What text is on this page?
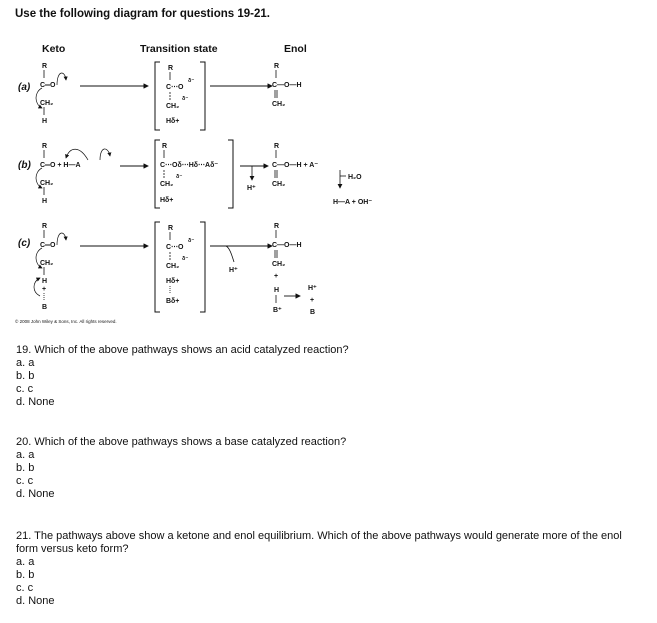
Use the following diagram for questions 19-21.
Keto	Transition state	Enol
(a)
(b)
(c)
R
C═O
CH₂
H
R
C⋯O
δ⁻
CH₂
δ⁻
Hδ+
R
C—O—H
CH₂
R
C═O + H—A
CH₂
H
R
C⋯Oδ⋯Hδ⋯Aδ⁻
CH₂
δ⁻
Hδ+
H⁺
R
C—O—H + A⁻
CH₂
H₂O
H—A + OH⁻
R
C═O
CH₂
H
+
B
R
C⋯O
δ⁻
CH₂
δ⁻
Hδ+
Bδ+
H⁺
R
C—O—H
CH₂
+
H
B⁺
H⁺
+
B
© 2008 John Wiley & Sons, Inc. All rights reserved.

19. Which of the above pathways shows an acid catalyzed reaction?

a. a

b. b

c. c

d. None

20. Which of the above pathways shows a base catalyzed reaction?

a. a

b. b

c. c

d. None

21. The pathways above show a ketone and enol equilibrium. Which of the above pathways would generate more of the enol form versus keto form?

a. a

b. b

c. c

d. None
